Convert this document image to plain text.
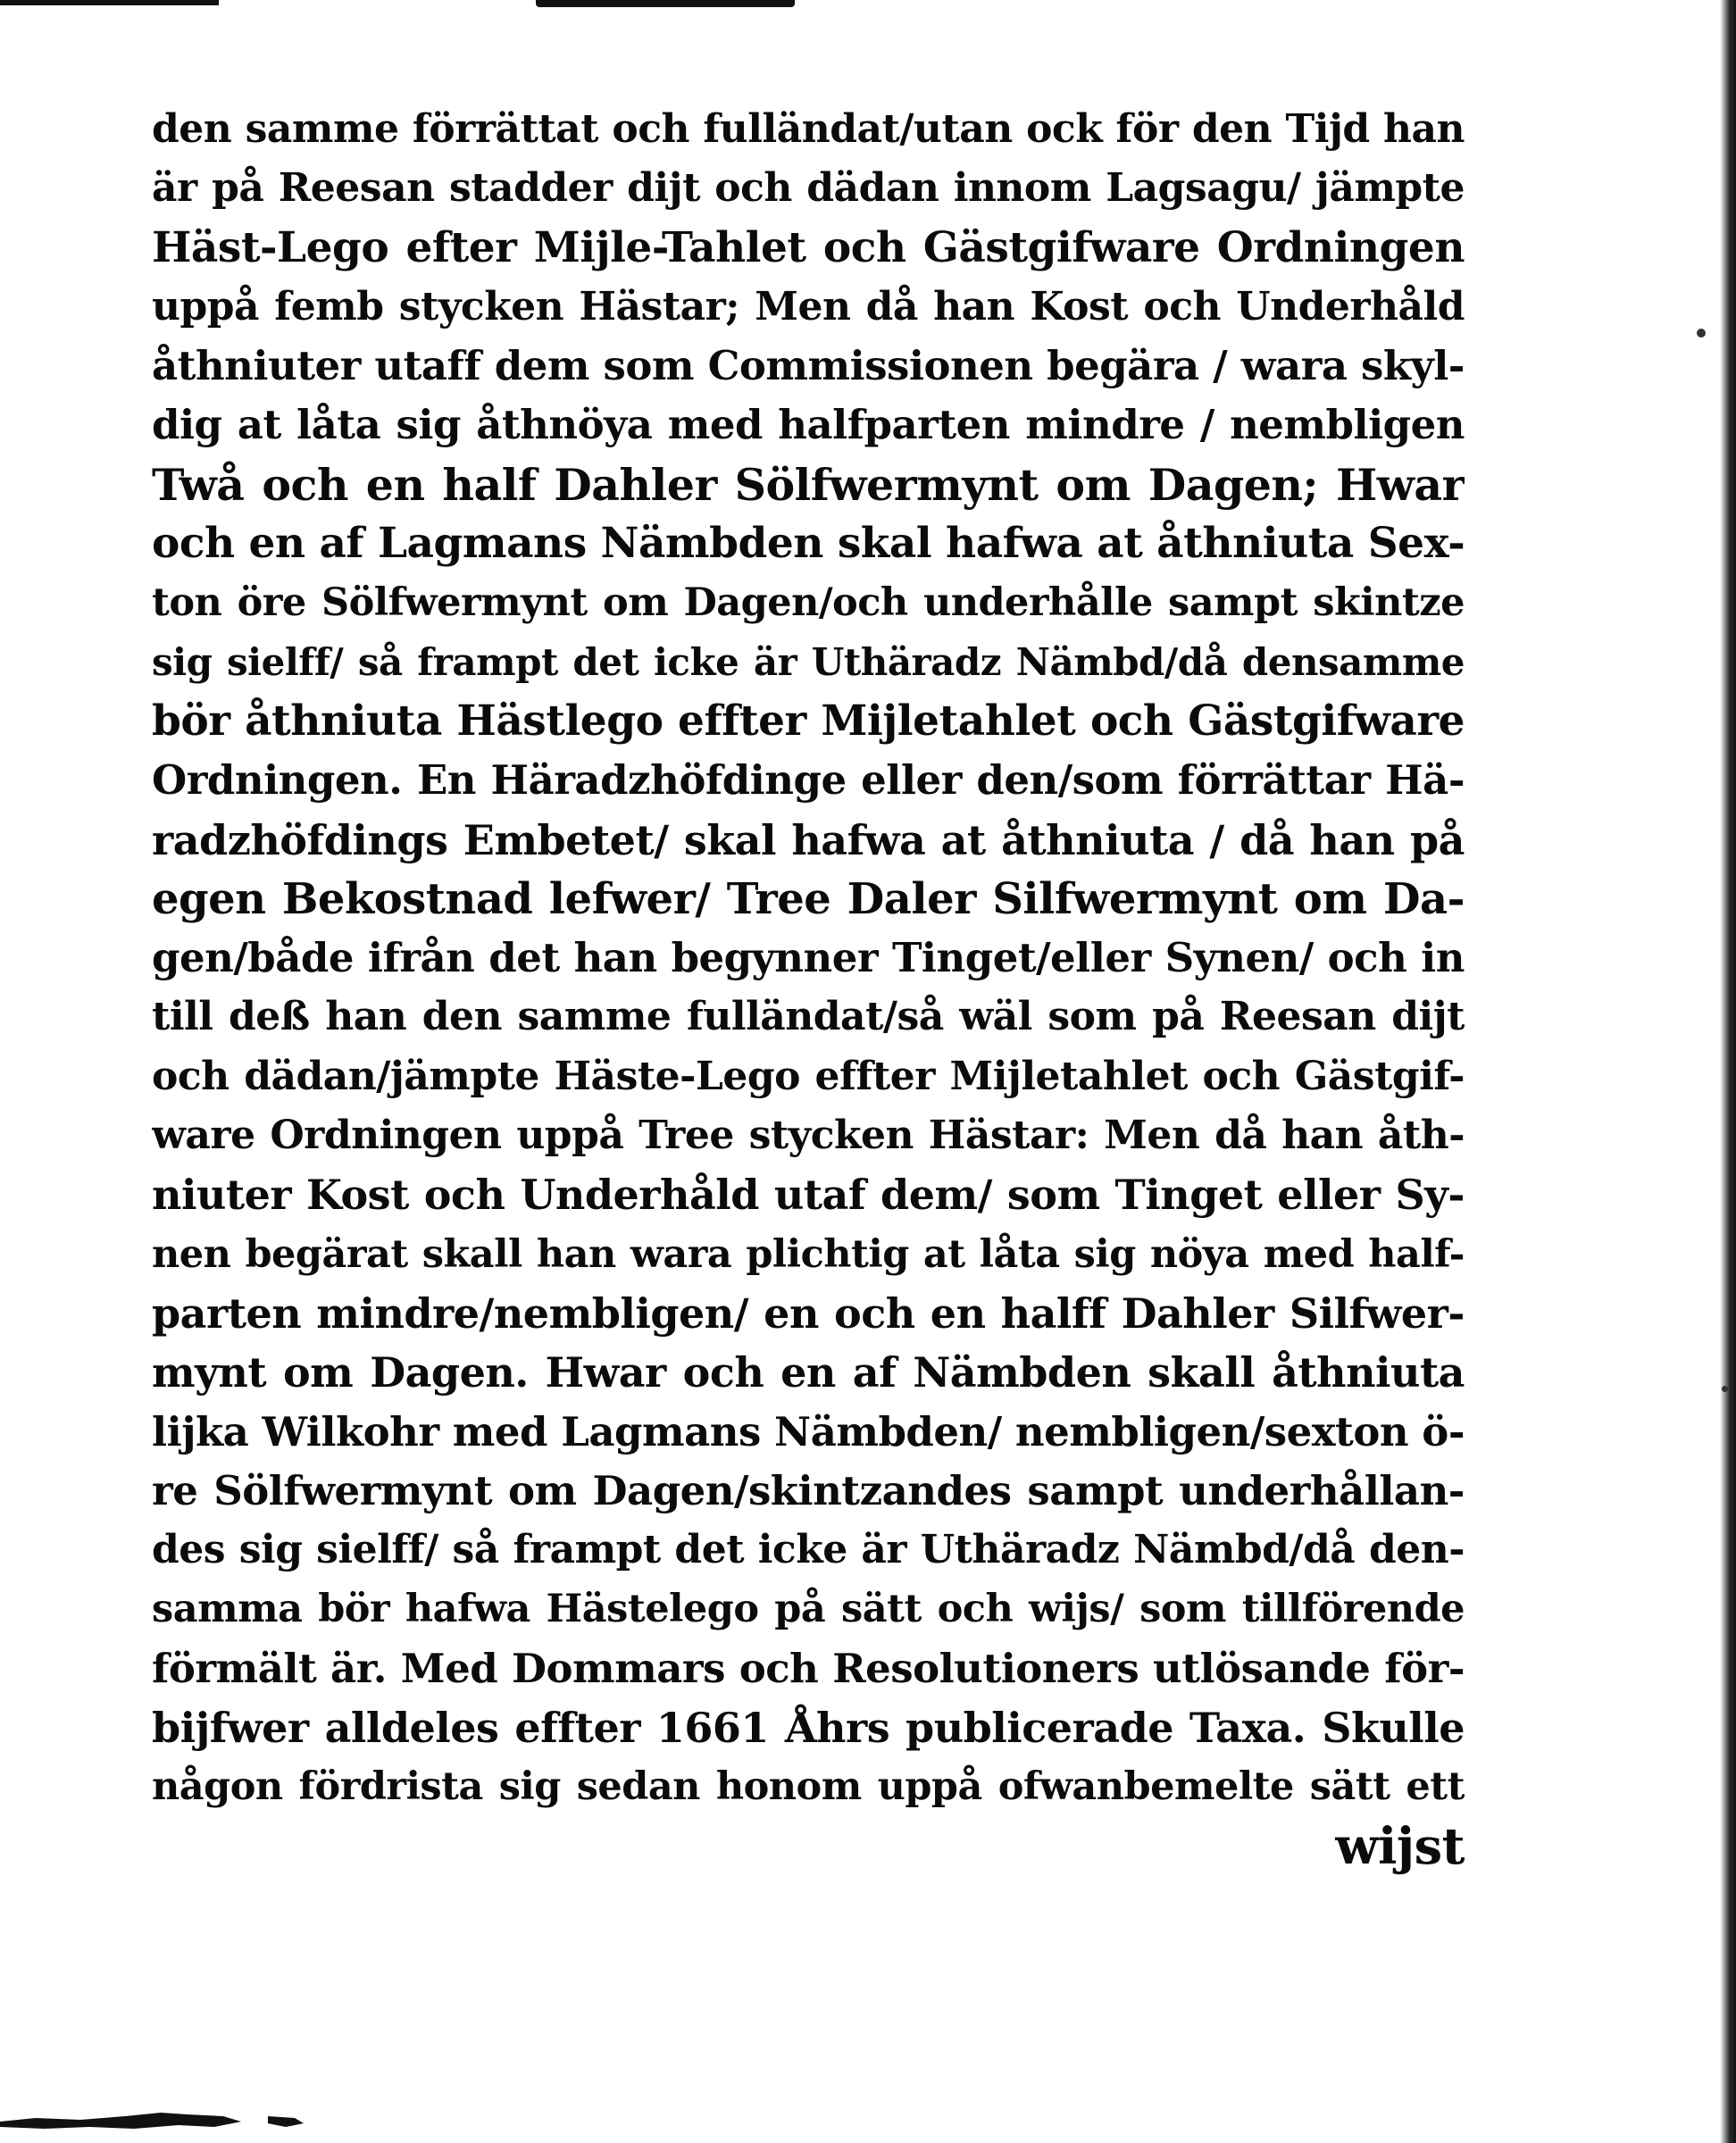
den samme förrättat och fulländat/utan ock för den Tijd han
är på Reesan stadder dijt och dädan innom Lagsagu/ jämpte
Häst-Lego efter Mijle-Tahlet och Gästgifware Ordningen
uppå femb stycken Hästar; Men då han Kost och Underhåld
åthniuter utaff dem som Commissionen begära / wara skyl-
dig at låta sig åthnöya med halfparten mindre / nembligen
Twå och en half Dahler Sölfwermynt om Dagen; Hwar
och en af Lagmans Nämbden skal hafwa at åthniuta Sex-
ton öre Sölfwermynt om Dagen/och underhålle sampt skintze
sig sielff/ så frampt det icke är Uthäradz Nämbd/då densamme
bör åthniuta Hästlego effter Mijletahlet och Gästgifware
Ordningen. En Häradzhöfdinge eller den/som förrättar Hä-
radzhöfdings Embetet/ skal hafwa at åthniuta / då han på
egen Bekostnad lefwer/ Tree Daler Silfwermynt om Da-
gen/både ifrån det han begynner Tinget/eller Synen/ och in
till deß han den samme fulländat/så wäl som på Reesan dijt
och dädan/jämpte Häste-Lego effter Mijletahlet och Gästgif-
ware Ordningen uppå Tree stycken Hästar: Men då han åth-
niuter Kost och Underhåld utaf dem/ som Tinget eller Sy-
nen begärat skall han wara plichtig at låta sig nöya med half-
parten mindre/nembligen/ en och en halff Dahler Silfwer-
mynt om Dagen. Hwar och en af Nämbden skall åthniuta
lijka Wilkohr med Lagmans Nämbden/ nembligen/sexton ö-
re Sölfwermynt om Dagen/skintzandes sampt underhållan-
des sig sielff/ så frampt det icke är Uthäradz Nämbd/då den-
samma bör hafwa Hästelego på sätt och wijs/ som tillförende
förmält är. Med Dommars och Resolutioners utlösande för-
bijfwer alldeles effter 1661 Åhrs publicerade Taxa. Skulle
någon fördrista sig sedan honom uppå ofwanbemelte sätt ett
wijst
